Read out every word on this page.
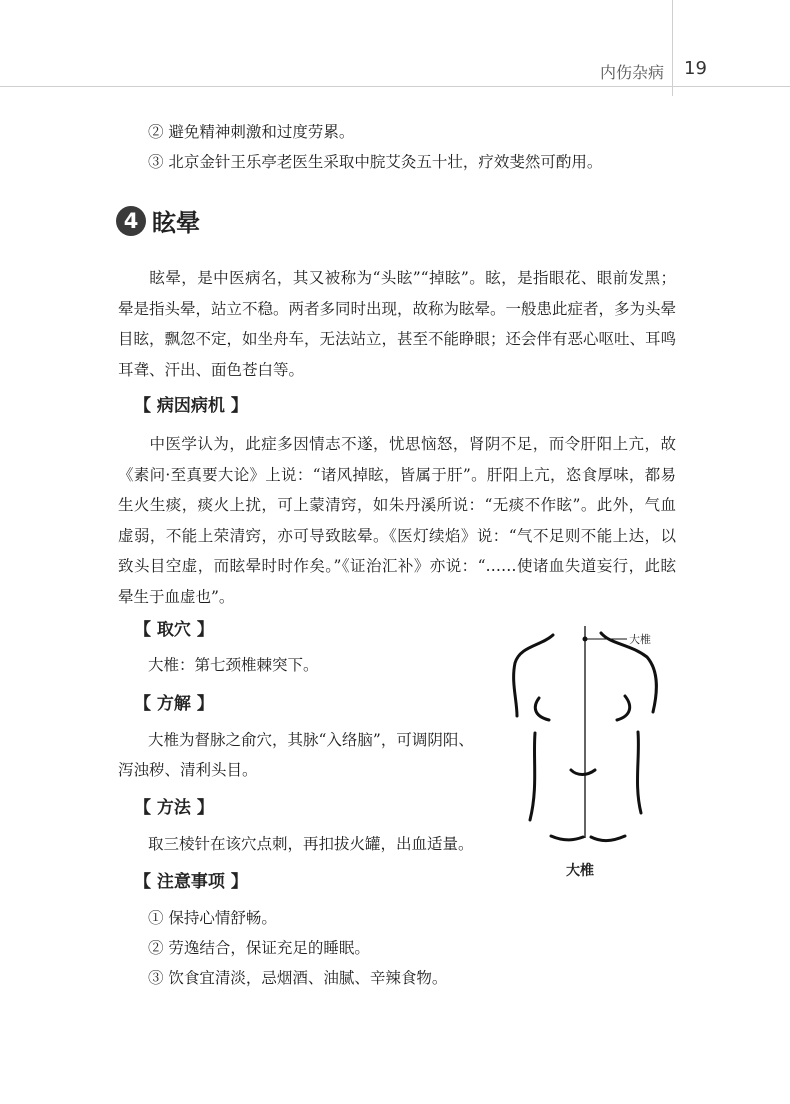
内伤杂病 19
② 避免精神刺激和过度劳累。
③ 北京金针王乐亭老医生采取中脘艾灸五十壮，疗效斐然可酌用。
4 眩晕
眩晕，是中医病名，其又被称为“头眩”“掉眩”。眩，是指眼花、眼前发黑；晕是指头晕，站立不稳。两者多同时出现，故称为眩晕。一般患此症者，多为头晕目眩，飘忽不定，如坐舟车，无法站立，甚至不能睁眼；还会伴有恶心呕吐、耳鸣耳聋、汗出、面色苍白等。
【 病因病机 】
中医学认为，此症多因情志不遂，忧思恼怒，肾阴不足，而令肝阳上亢，故《素问·至真要大论》上说：“诸风掉眩，皆属于肝”。肝阳上亢，恣食厚味，都易生火生痰，痰火上扰，可上蒙清窍，如朱丹溪所说：“无痰不作眩”。此外，气血虚弱，不能上荣清窍，亦可导致眩晕。《医灯续焰》说：“气不足则不能上达，以致头目空虚，而眩晕时时作矣。”《证治汇补》亦说：“……使诸血失道妄行，此眩晕生于血虚也”。
【 取穴 】
大椎：第七颈椎棘突下。
【 方解 】
大椎为督脉之俞穴，其脉“入络脑”，可调阴阳、
泻浊秽、清利头目。
【 方法 】
取三棱针在该穴点刺，再扣拔火罐，出血适量。
【 注意事项 】
① 保持心情舒畅。
② 劳逸结合，保证充足的睡眠。
③ 饮食宜清淡，忌烟酒、油腻、辛辣食物。
大椎
大椎
